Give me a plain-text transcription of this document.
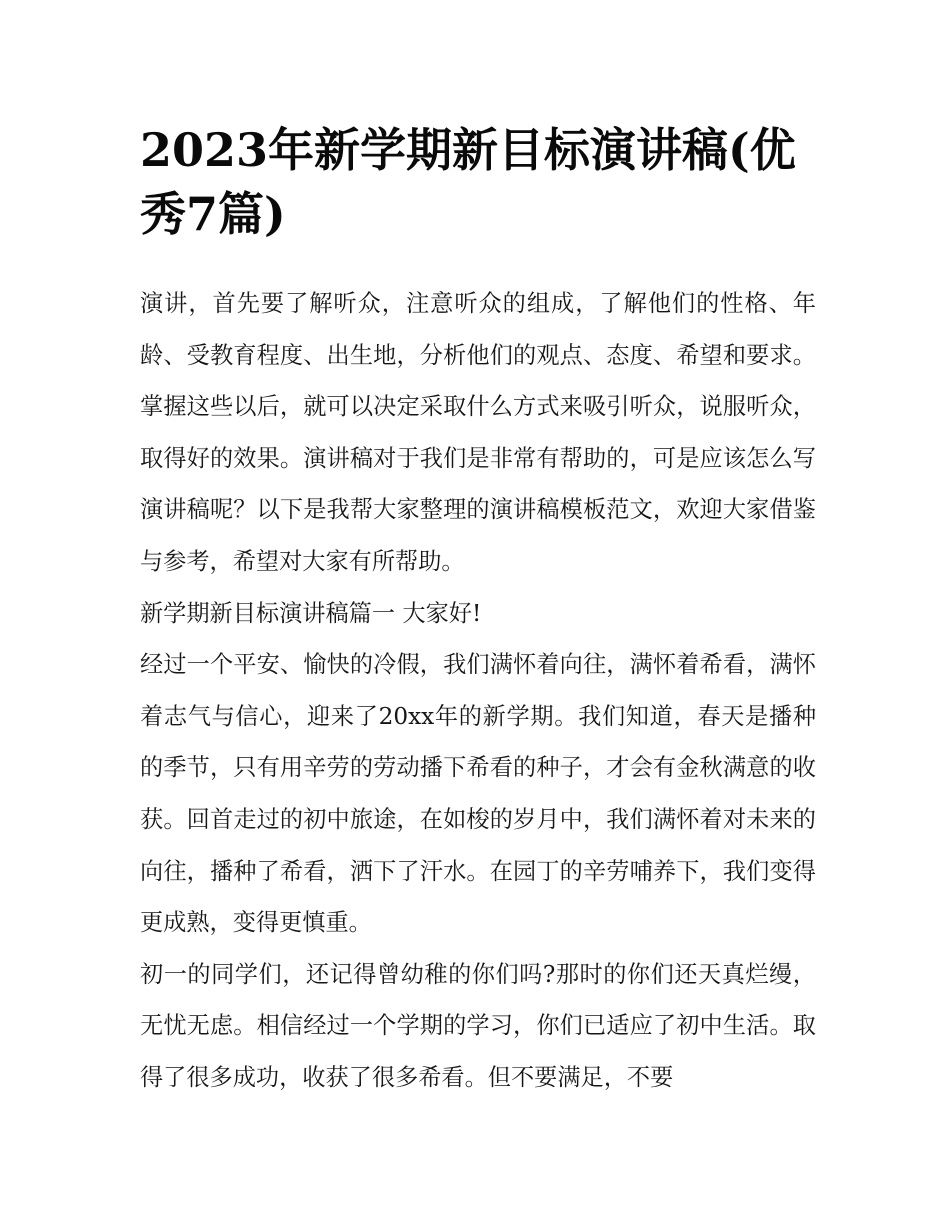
2023年新学期新目标演讲稿(优秀7篇)

演讲，首先要了解听众，注意听众的组成，了解他们的性格、年龄、受教育程度、出生地，分析他们的观点、态度、希望和要求。掌握这些以后，就可以决定采取什么方式来吸引听众，说服听众，取得好的效果。演讲稿对于我们是非常有帮助的，可是应该怎么写演讲稿呢？以下是我帮大家整理的演讲稿模板范文，欢迎大家借鉴与参考，希望对大家有所帮助。

新学期新目标演讲稿篇一 大家好!

经过一个平安、愉快的冷假，我们满怀着向往，满怀着希看，满怀着志气与信心，迎来了20xx年的新学期。我们知道，春天是播种的季节，只有用辛劳的劳动播下希看的种子，才会有金秋满意的收获。回首走过的初中旅途，在如梭的岁月中，我们满怀着对未来的向往，播种了希看，洒下了汗水。在园丁的辛劳哺养下，我们变得更成熟，变得更慎重。

初一的同学们，还记得曾幼稚的你们吗?那时的你们还天真烂缦，无忧无虑。相信经过一个学期的学习，你们已适应了初中生活。取得了很多成功，收获了很多希看。但不要满足，不要
